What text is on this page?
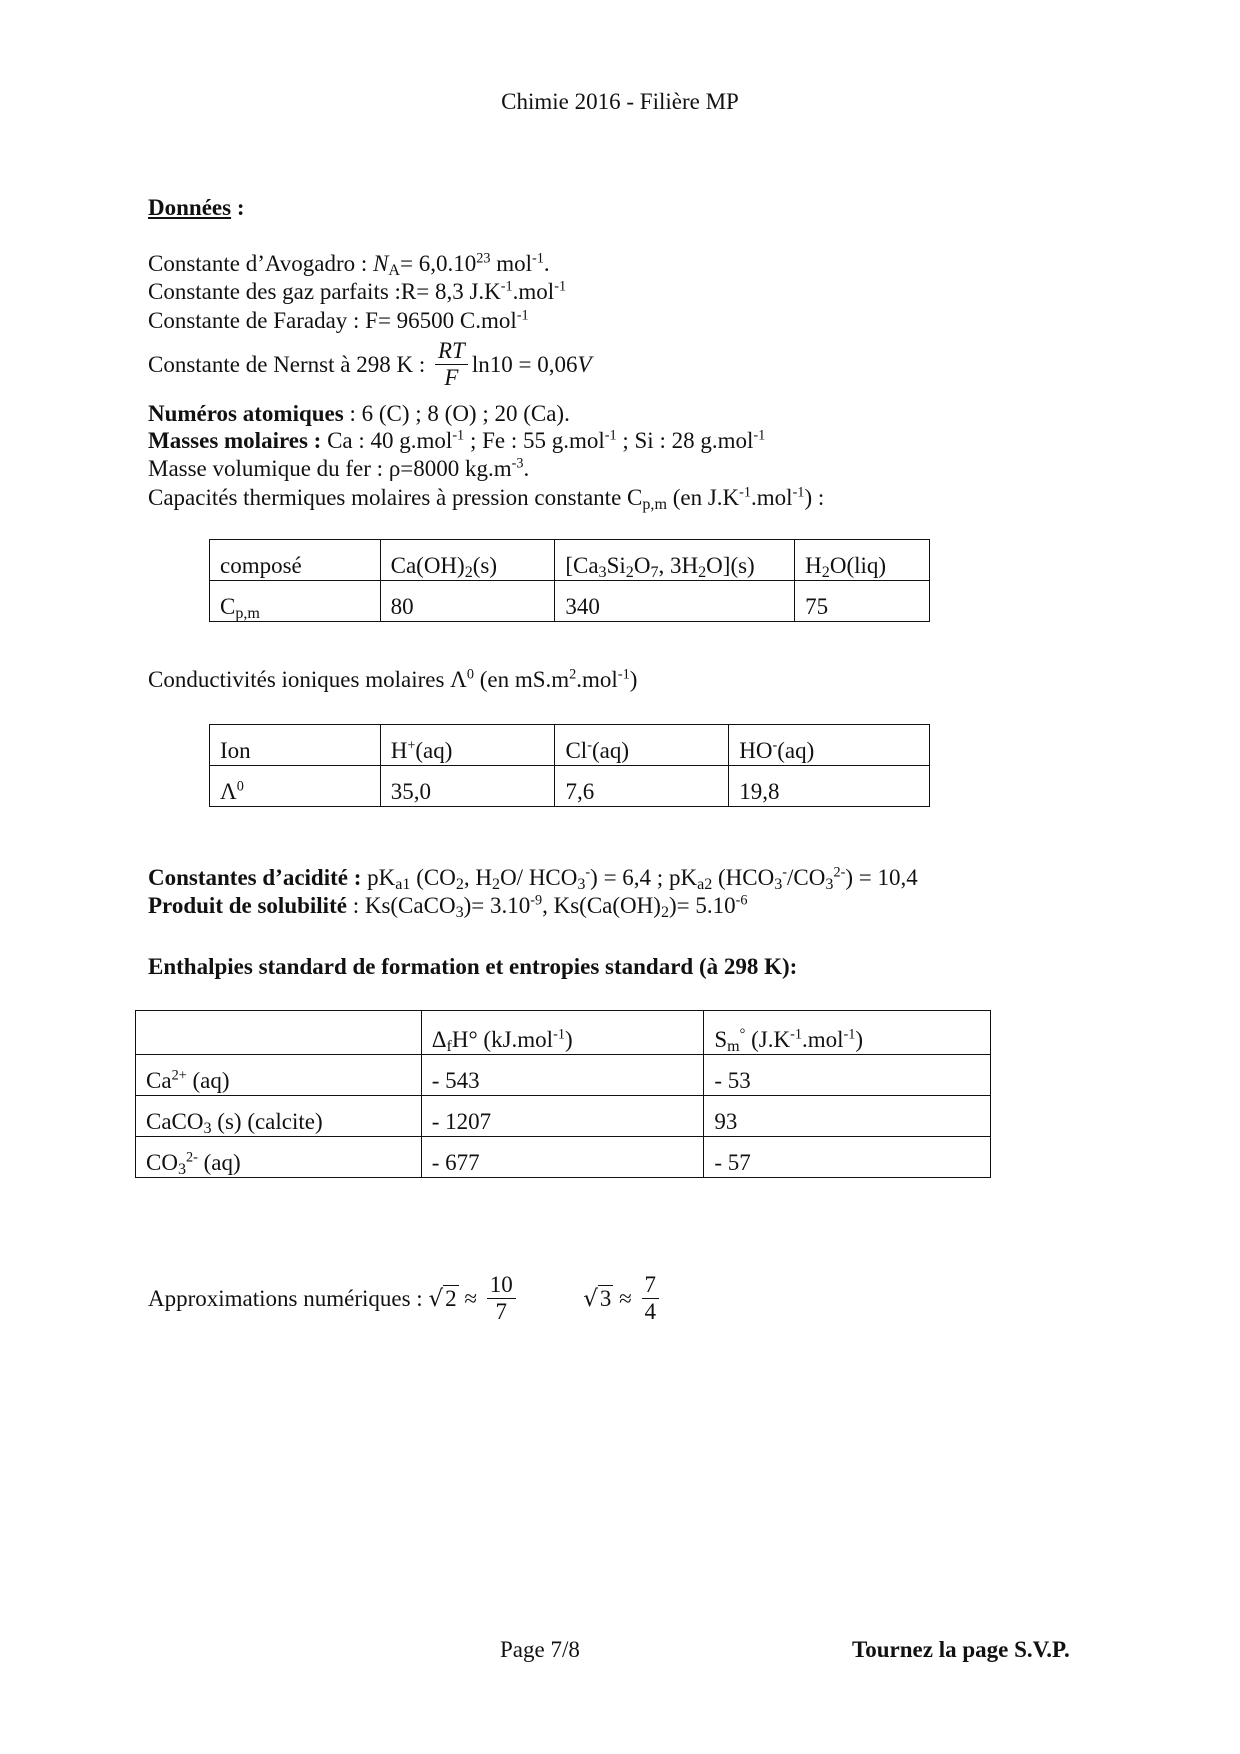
Chimie 2016 - Filière MP
Données :
Constante d’Avogadro : $N_A= 6,0.10^{23}$ mol$^{-1}$.
Constante des gaz parfaits :R= 8,3 $J.K^{-1}.mol^{-1}$
Constante de Faraday : F= 96500 C.mol$^{-1}$
Constante de Nernst à 298 K : $\frac{RT}{F} \ln 10 = 0,06V$
Numéros atomiques : 6 (C) ; 8 (O) ; 20 (Ca).
Masses molaires : Ca : 40 g.mol$^{-1}$ ; Fe : 55 g.mol$^{-1}$ ; Si : 28 g.mol$^{-1}$
Masse volumique du fer : ρ=8000 $kg.m^{-3}$.
Capacités thermiques molaires à pression constante $C_{p,m}$ (en $J.K^{-1}.mol^{-1}$) :
composé	$Ca(OH)_2(s)$	[$Ca_3Si_2O_7$, $3H_2O](s)$	$H_2O(liq)$
$C_{p,m}$	80	340	75
Conductivités ioniques molaires $\Lambda^0$ (en $mS.m^2.mol^{-1}$)
Ion	H+(aq)	Cl-(aq)	HO-(aq)
$\Lambda^0$	35,0	7,6	19,8
Constantes d’acidité : $pK_{a1}$ ($CO_2$, $H_2O/$ $HCO_3^-) = 6,4$ ; $pK_{a2}$ $(HCO_3^-/CO_3^{2-}) = 10,4$
Produit de solubilité : Ks(CaCO$_3$)= $3.10^{-9}$, $Ks(Ca(OH)_2)= 5.10^{-6}$
Enthalpies standard de formation et entropies standard (à 298 K):
	$\Delta_fH^\circ$ (kJ.mol$^{-1}$)	$S_m^\circ$ $(J.K^{-1}.mol^{-1})$
$Ca^{2+}$ (aq)	- 543	- 53
CaCO$_3$ (s) (calcite)	- 1207	93
$CO_3^{2-}$ (aq)	- 677	- 57
Approximations numériques : $√2 \approx \frac{10}{7}$	$√3 \approx \frac{7}{4}$
Page 7/8	Tournez la page S.V.P.
